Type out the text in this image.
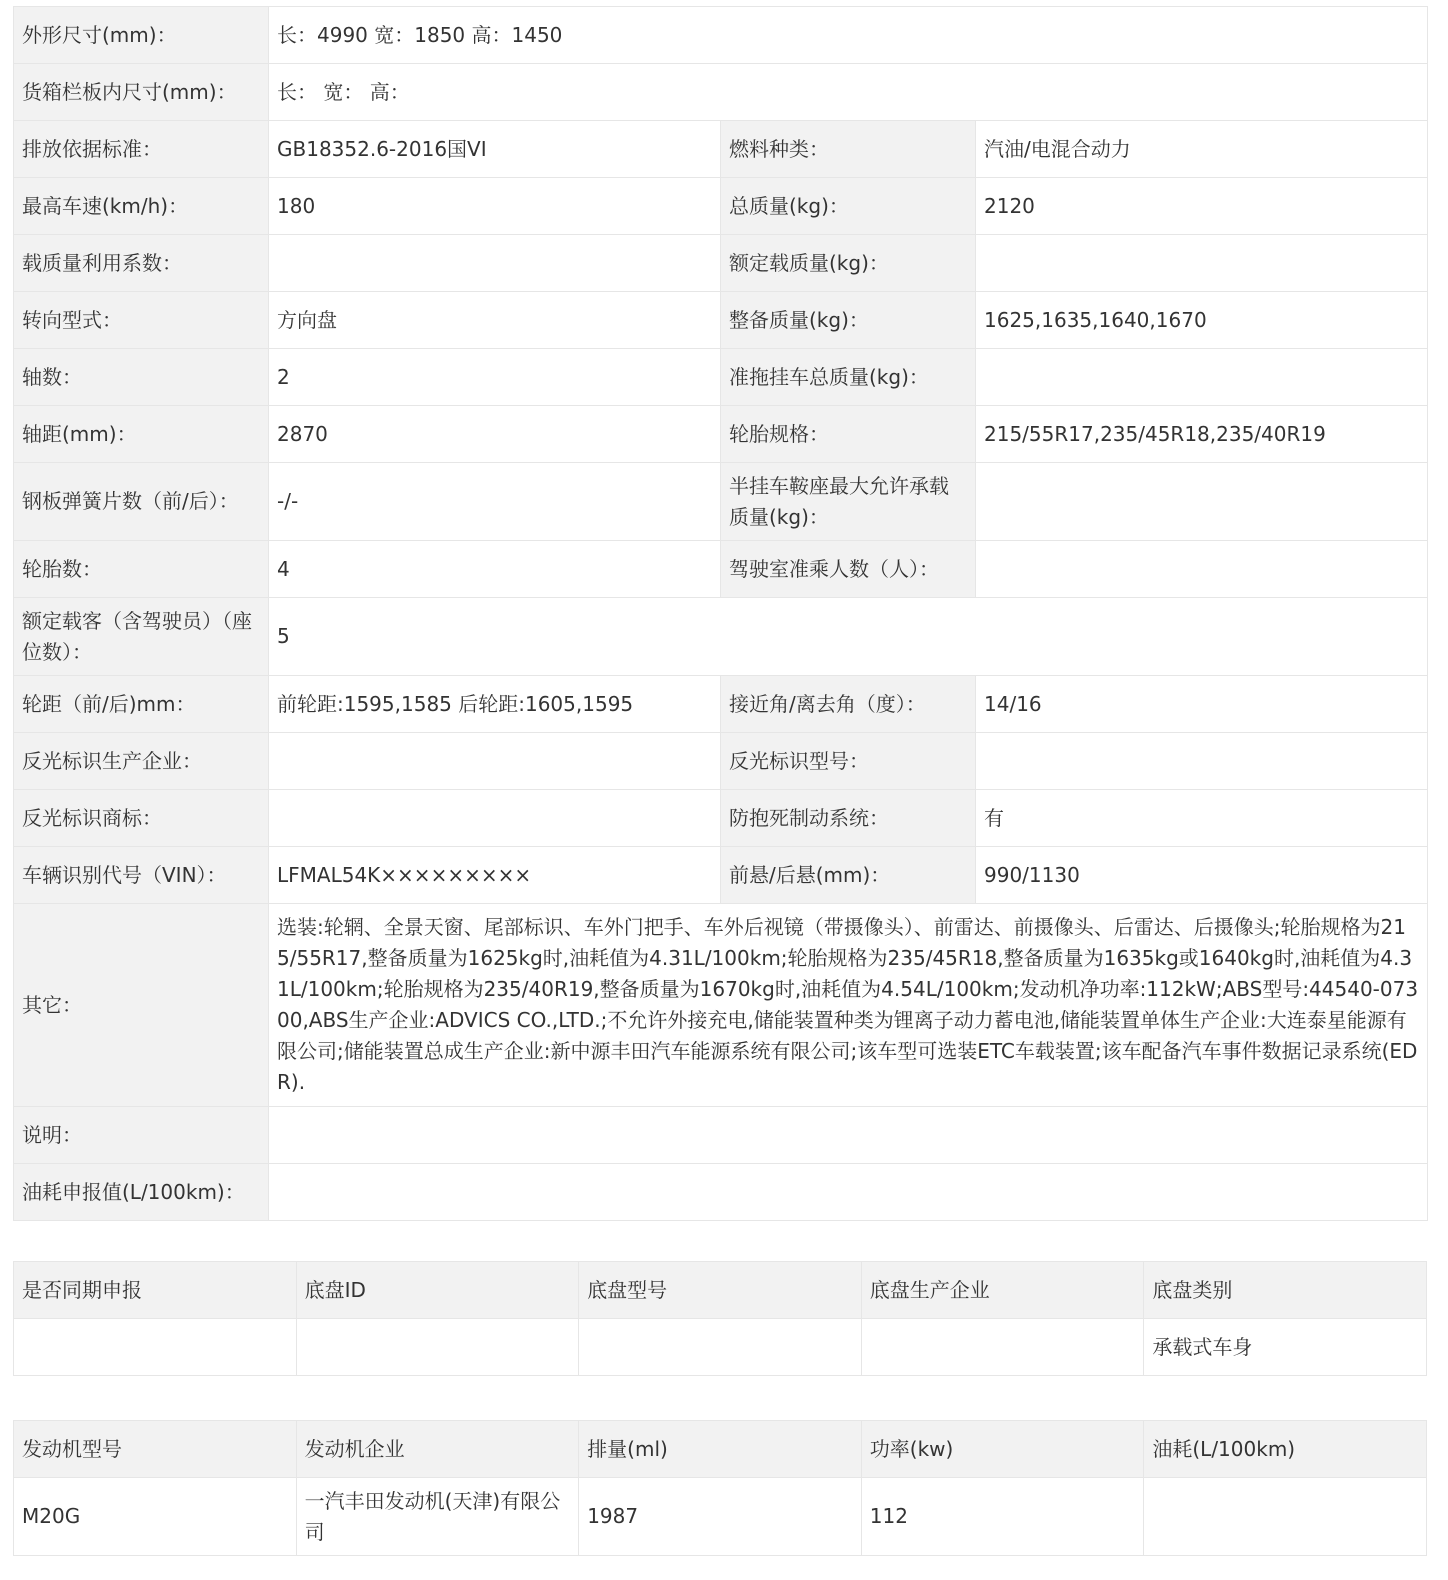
外形尺寸(mm)：	长：4990 宽：1850 高：1450		
货箱栏板内尺寸(mm)：	长： 宽： 高：		
排放依据标准：	GB18352.6-2016国VI	燃料种类：	汽油/电混合动力
最高车速(km/h)：	180	总质量(kg)：	2120
载质量利用系数：		额定载质量(kg)：	
转向型式：	方向盘	整备质量(kg)：	1625,1635,1640,1670
轴数：	2	准拖挂车总质量(kg)：	
轴距(mm)：	2870	轮胎规格：	215/55R17,235/45R18,235/40R19
钢板弹簧片数（前/后）：	-/-	半挂车鞍座最大允许承载质量(kg)：	
轮胎数：	4	驾驶室准乘人数（人）：	
额定载客（含驾驶员）（座位数）：	5		
轮距（前/后)mm：	前轮距:1595,1585 后轮距:1605,1595	接近角/离去角（度）：	14/16
反光标识生产企业：		反光标识型号：	
反光标识商标：		防抱死制动系统：	有
车辆识别代号（VIN）：	LFMAL54K×××××××××	前悬/后悬(mm)：	990/1130
其它：	选装:轮辋、全景天窗、尾部标识、车外门把手、车外后视镜（带摄像头）、前雷达、前摄像头、后雷达、后摄像头;轮胎规格为215/55R17,整备质量为1625kg时,油耗值为4.31L/100km;轮胎规格为235/45R18,整备质量为1635kg或1640kg时,油耗值为4.31L/100km;轮胎规格为235/40R19,整备质量为1670kg时,油耗值为4.54L/100km;发动机净功率:112kW;ABS型号:44540-07300,ABS生产企业:ADVICS CO.,LTD.;不允许外接充电,储能装置种类为锂离子动力蓄电池,储能装置单体生产企业:大连泰星能源有限公司;储能装置总成生产企业:新中源丰田汽车能源系统有限公司;该车型可选装ETC车载装置;该车配备汽车事件数据记录系统(EDR).		
说明：			
油耗申报值(L/100km)：			
是否同期申报	底盘ID	底盘型号	底盘生产企业	底盘类别
				承载式车身
发动机型号	发动机企业	排量(ml)	功率(kw)	油耗(L/100km)
M20G	一汽丰田发动机(天津)有限公司	1987	112	
